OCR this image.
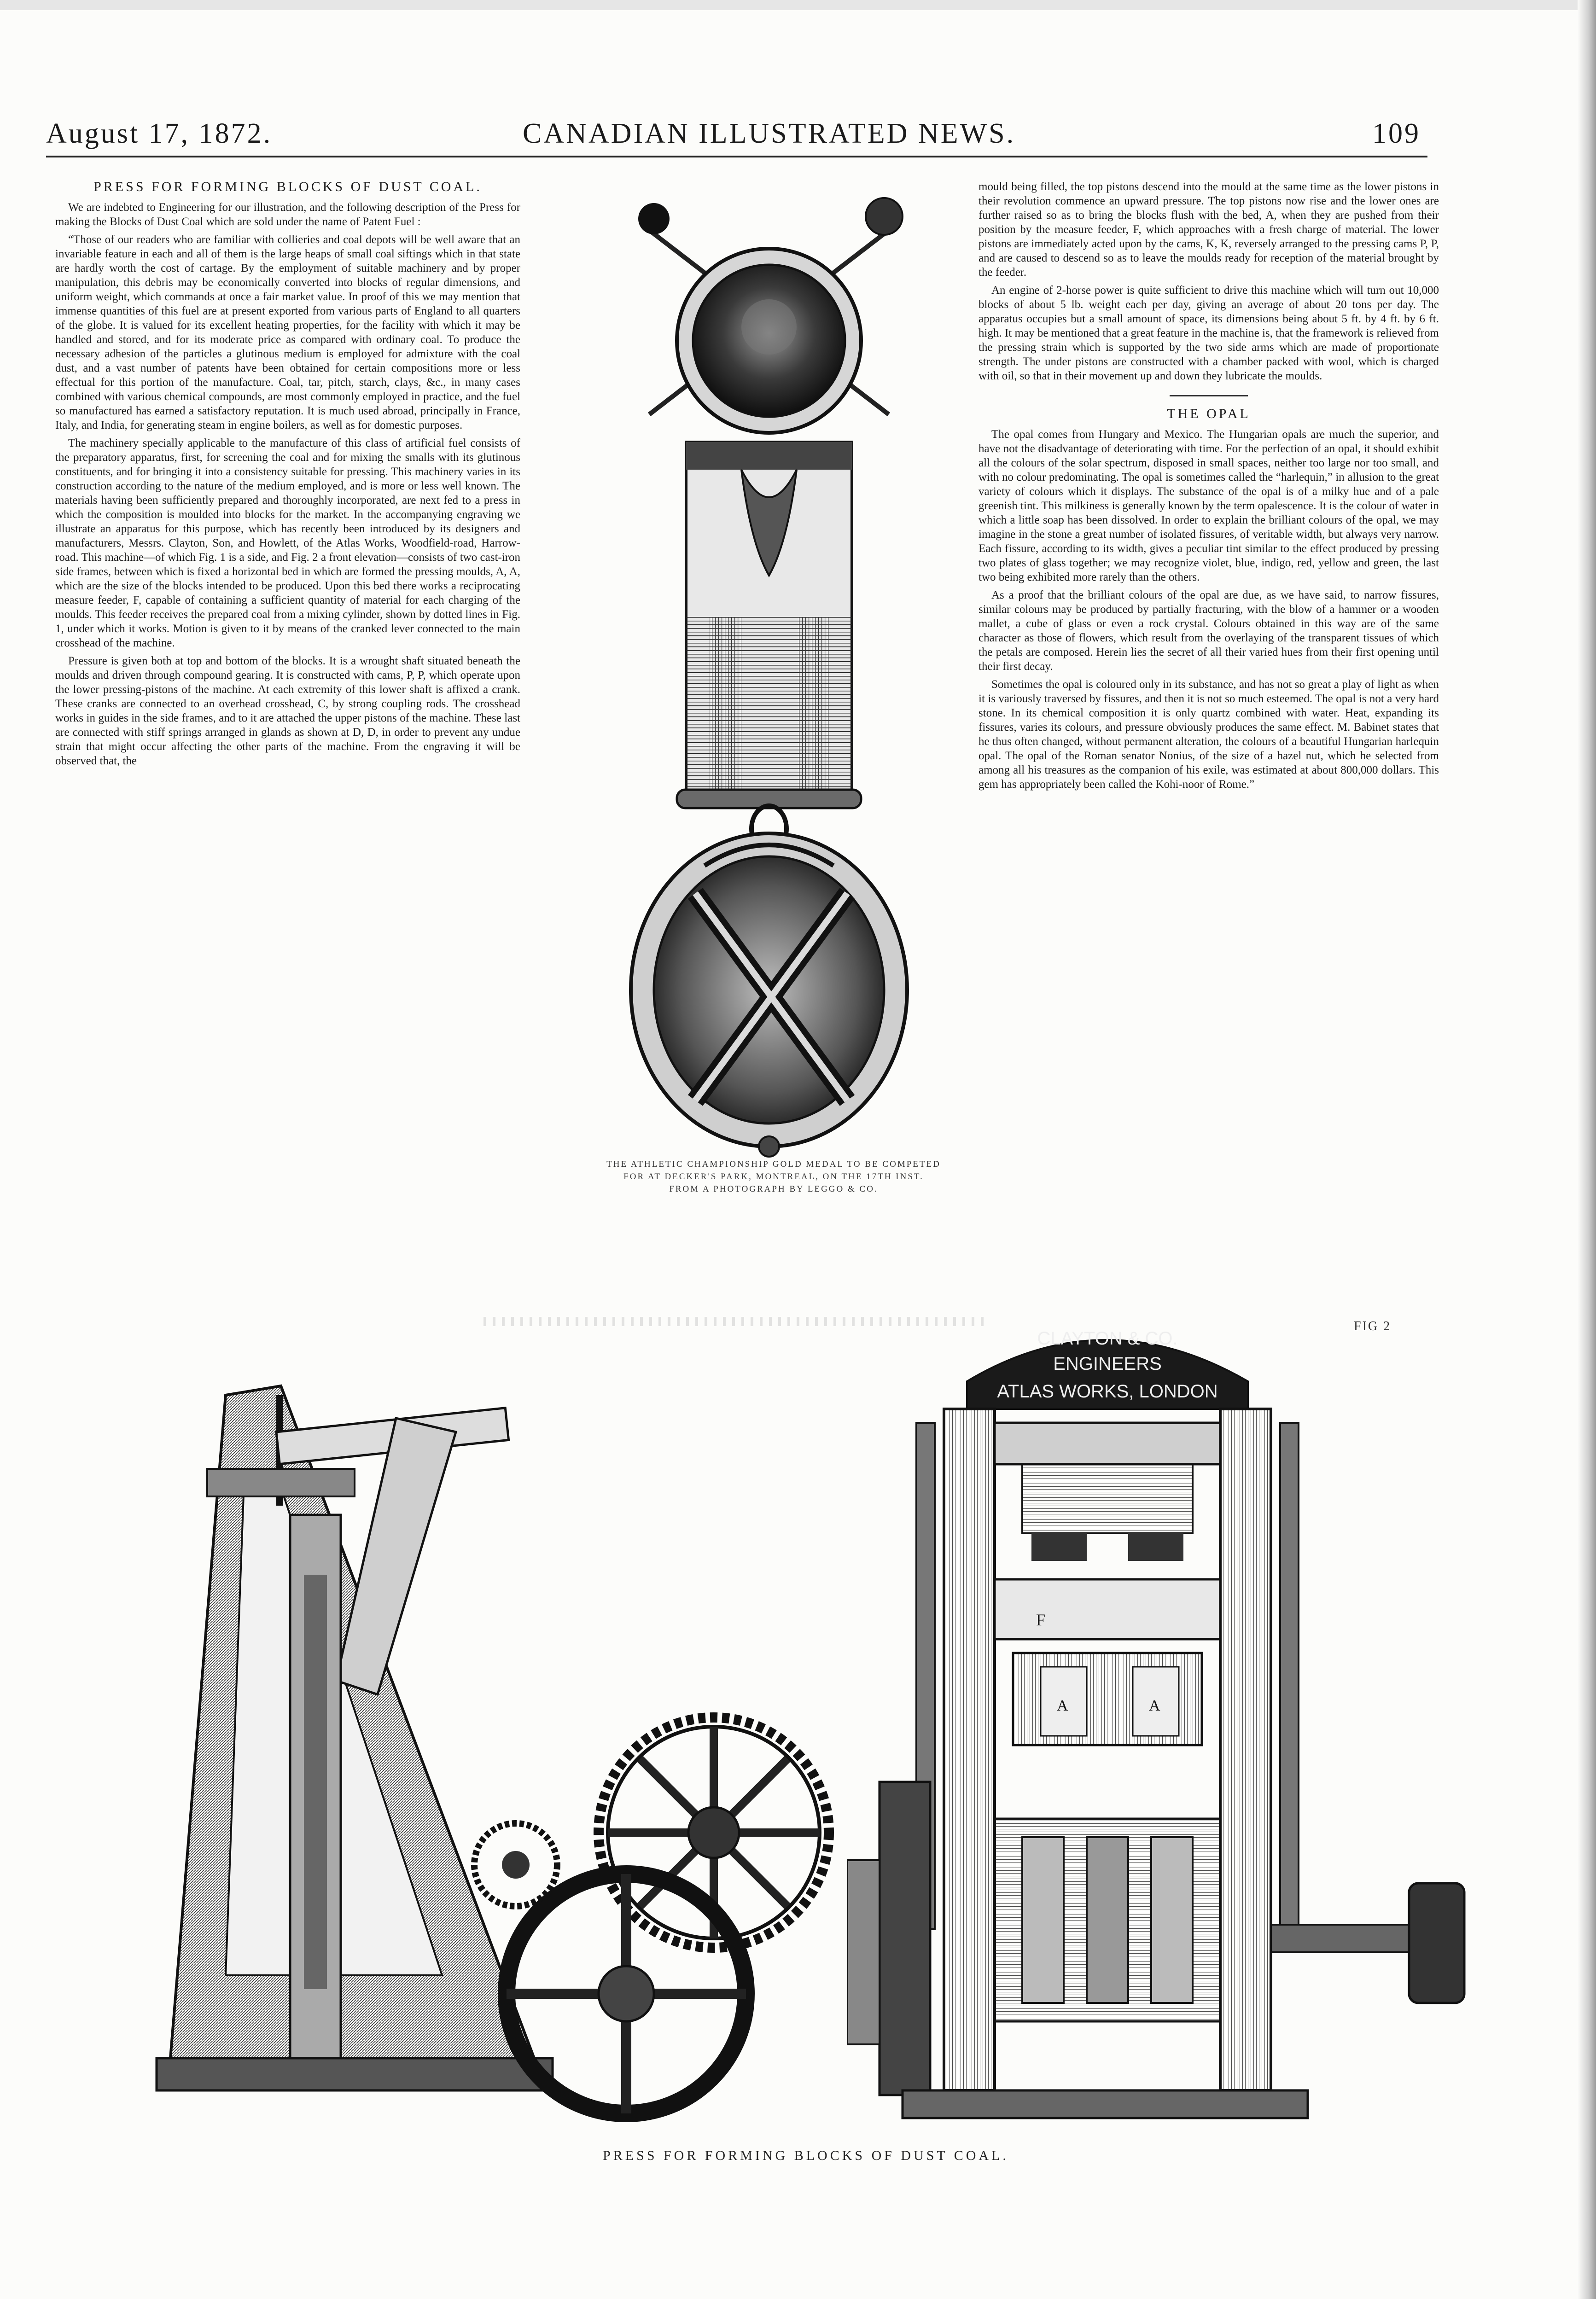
August 17, 1872.	CANADIAN ILLUSTRATED NEWS.	109
PRESS FOR FORMING BLOCKS OF DUST COAL.

We are indebted to Engineering for our illustration, and the following description of the Press for making the Blocks of Dust Coal which are sold under the name of Patent Fuel :

“Those of our readers who are familiar with collieries and coal depots will be well aware that an invariable feature in each and all of them is the large heaps of small coal siftings which in that state are hardly worth the cost of cartage. By the employment of suitable machinery and by proper manipulation, this debris may be economically converted into blocks of regular dimensions, and uniform weight, which commands at once a fair market value. In proof of this we may mention that immense quantities of this fuel are at present exported from various parts of England to all quarters of the globe. It is valued for its excellent heating properties, for the facility with which it may be handled and stored, and for its moderate price as compared with ordinary coal. To produce the necessary adhesion of the particles a glutinous medium is employed for admixture with the coal dust, and a vast number of patents have been obtained for certain compositions more or less effectual for this portion of the manufacture. Coal, tar, pitch, starch, clays, &c., in many cases combined with various chemical compounds, are most commonly employed in practice, and the fuel so manufactured has earned a satisfactory reputation. It is much used abroad, principally in France, Italy, and India, for generating steam in engine boilers, as well as for domestic purposes.

The machinery specially applicable to the manufacture of this class of artificial fuel consists of the preparatory apparatus, first, for screening the coal and for mixing the smalls with its glutinous constituents, and for bringing it into a consistency suitable for pressing. This machinery varies in its construction according to the nature of the medium employed, and is more or less well known. The materials having been sufficiently prepared and thoroughly incorporated, are next fed to a press in which the composition is moulded into blocks for the market. In the accompanying engraving we illustrate an apparatus for this purpose, which has recently been introduced by its designers and manufacturers, Messrs. Clayton, Son, and Howlett, of the Atlas Works, Woodfield-road, Harrow-road. This machine—of which Fig. 1 is a side, and Fig. 2 a front elevation—consists of two cast-iron side frames, between which is fixed a horizontal bed in which are formed the pressing moulds, A, A, which are the size of the blocks intended to be produced. Upon this bed there works a reciprocating measure feeder, F, capable of containing a sufficient quantity of material for each charging of the moulds. This feeder receives the prepared coal from a mixing cylinder, shown by dotted lines in Fig. 1, under which it works. Motion is given to it by means of the cranked lever connected to the main crosshead of the machine.

Pressure is given both at top and bottom of the blocks. It is a wrought shaft situated beneath the moulds and driven through compound gearing. It is constructed with cams, P, P, which operate upon the lower pressing-pistons of the machine. At each extremity of this lower shaft is affixed a crank. These cranks are connected to an overhead crosshead, C, by strong coupling rods. The crosshead works in guides in the side frames, and to it are attached the upper pistons of the machine. These last are connected with stiff springs arranged in glands as shown at D, D, in order to prevent any undue strain that might occur affecting the other parts of the machine. From the engraving it will be observed that, the

THE ATHLETIC CHAMPIONSHIP GOLD MEDAL TO BE COMPETED
FOR AT DECKER'S PARK, MONTREAL, ON THE 17TH INST.
FROM A PHOTOGRAPH BY LEGGO & CO.

mould being filled, the top pistons descend into the mould at the same time as the lower pistons in their revolution commence an upward pressure. The top pistons now rise and the lower ones are further raised so as to bring the blocks flush with the bed, A, when they are pushed from their position by the measure feeder, F, which approaches with a fresh charge of material. The lower pistons are immediately acted upon by the cams, K, K, reversely arranged to the pressing cams P, P, and are caused to descend so as to leave the moulds ready for reception of the material brought by the feeder.

An engine of 2-horse power is quite sufficient to drive this machine which will turn out 10,000 blocks of about 5 lb. weight each per day, giving an average of about 20 tons per day. The apparatus occupies but a small amount of space, its dimensions being about 5 ft. by 4 ft. by 6 ft. high. It may be mentioned that a great feature in the machine is, that the framework is relieved from the pressing strain which is supported by the two side arms which are made of proportionate strength. The under pistons are constructed with a chamber packed with wool, which is charged with oil, so that in their movement up and down they lubricate the moulds.

THE OPAL

The opal comes from Hungary and Mexico. The Hungarian opals are much the superior, and have not the disadvantage of deteriorating with time. For the perfection of an opal, it should exhibit all the colours of the solar spectrum, disposed in small spaces, neither too large nor too small, and with no colour predominating. The opal is sometimes called the “harlequin,” in allusion to the great variety of colours which it displays. The substance of the opal is of a milky hue and of a pale greenish tint. This milkiness is generally known by the term opalescence. It is the colour of water in which a little soap has been dissolved. In order to explain the brilliant colours of the opal, we may imagine in the stone a great number of isolated fissures, of veritable width, but always very narrow. Each fissure, according to its width, gives a peculiar tint similar to the effect produced by pressing two plates of glass together; we may recognize violet, blue, indigo, red, yellow and green, the last two being exhibited more rarely than the others.

As a proof that the brilliant colours of the opal are due, as we have said, to narrow fissures, similar colours may be produced by partially fracturing, with the blow of a hammer or a wooden mallet, a cube of glass or even a rock crystal. Colours obtained in this way are of the same character as those of flowers, which result from the overlaying of the transparent tissues of which the petals are composed. Herein lies the secret of all their varied hues from their first opening until their first decay.

Sometimes the opal is coloured only in its substance, and has not so great a play of light as when it is variously traversed by fissures, and then it is not so much esteemed. The opal is not a very hard stone. In its chemical composition it is only quartz combined with water. Heat, expanding its fissures, varies its colours, and pressure obviously produces the same effect. M. Babinet states that he thus often changed, without permanent alteration, the colours of a beautiful Hungarian harlequin opal. The opal of the Roman senator Nonius, of the size of a hazel nut, which he selected from among all his treasures as the companion of his exile, was estimated at about 800,000 dollars. This gem has appropriately been called the Kohi-noor of Rome.”

CLAYTON & CO.
ENGINEERS
ATLAS WORKS, LONDON
F
A	A
FIG 2
PRESS FOR FORMING BLOCKS OF DUST COAL.
